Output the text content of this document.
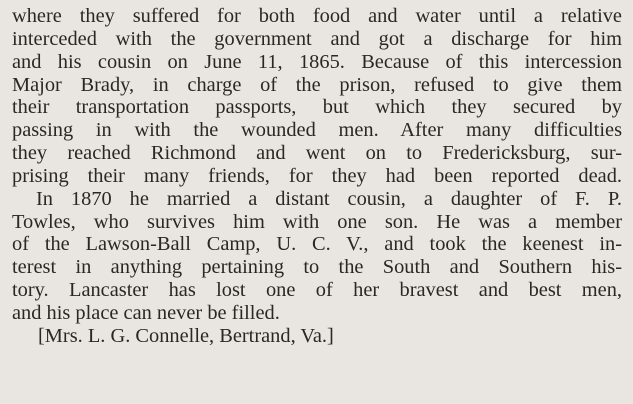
where they suffered for both food and water until a relative
interceded with the government and got a discharge for him
and his cousin on June 11, 1865. Because of this intercession
Major Brady, in charge of the prison, refused to give them
their transportation passports, but which they secured by
passing in with the wounded men. After many difficulties
they reached Richmond and went on to Fredericksburg, sur-
prising their many friends, for they had been reported dead.
In 1870 he married a distant cousin, a daughter of F. P.
Towles, who survives him with one son. He was a member
of the Lawson-Ball Camp, U. C. V., and took the keenest in-
terest in anything pertaining to the South and Southern his-
tory. Lancaster has lost one of her bravest and best men,
and his place can never be filled.
[Mrs. L. G. Connelle, Bertrand, Va.]
